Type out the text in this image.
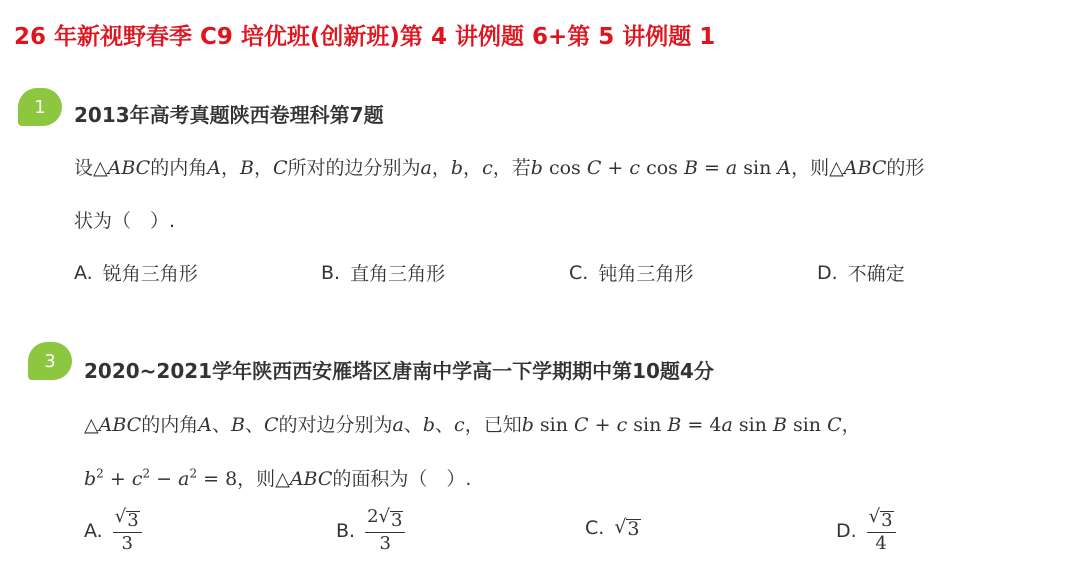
26 年新视野春季 C9 培优班(创新班)第 4 讲例题 6+第 5 讲例题 1
1	2013年高考真题陕西卷理科第7题
设△ABC的内角A，B，C所对的边分别为a，b，c，若b cos C + c cos B = a sin A，则△ABC的形
状为（　）.
A. 锐角三角形	B. 直角三角形	C. 钝角三角形	D. 不确定
3	2020~2021学年陕西西安雁塔区唐南中学高一下学期期中第10题4分
△ABC的内角A、B、C的对边分别为a、b、c，已知b sin C + c sin B = 4a sin B sin C，
$b^2 + c^2 - a^2 = 8$，则△ABC的面积为（　）.
A. $\frac{√ 3}{3}$	B. $\frac{2 √ 3}{3}$	C. √ 3	D. $\frac{√ 3}{4}$
